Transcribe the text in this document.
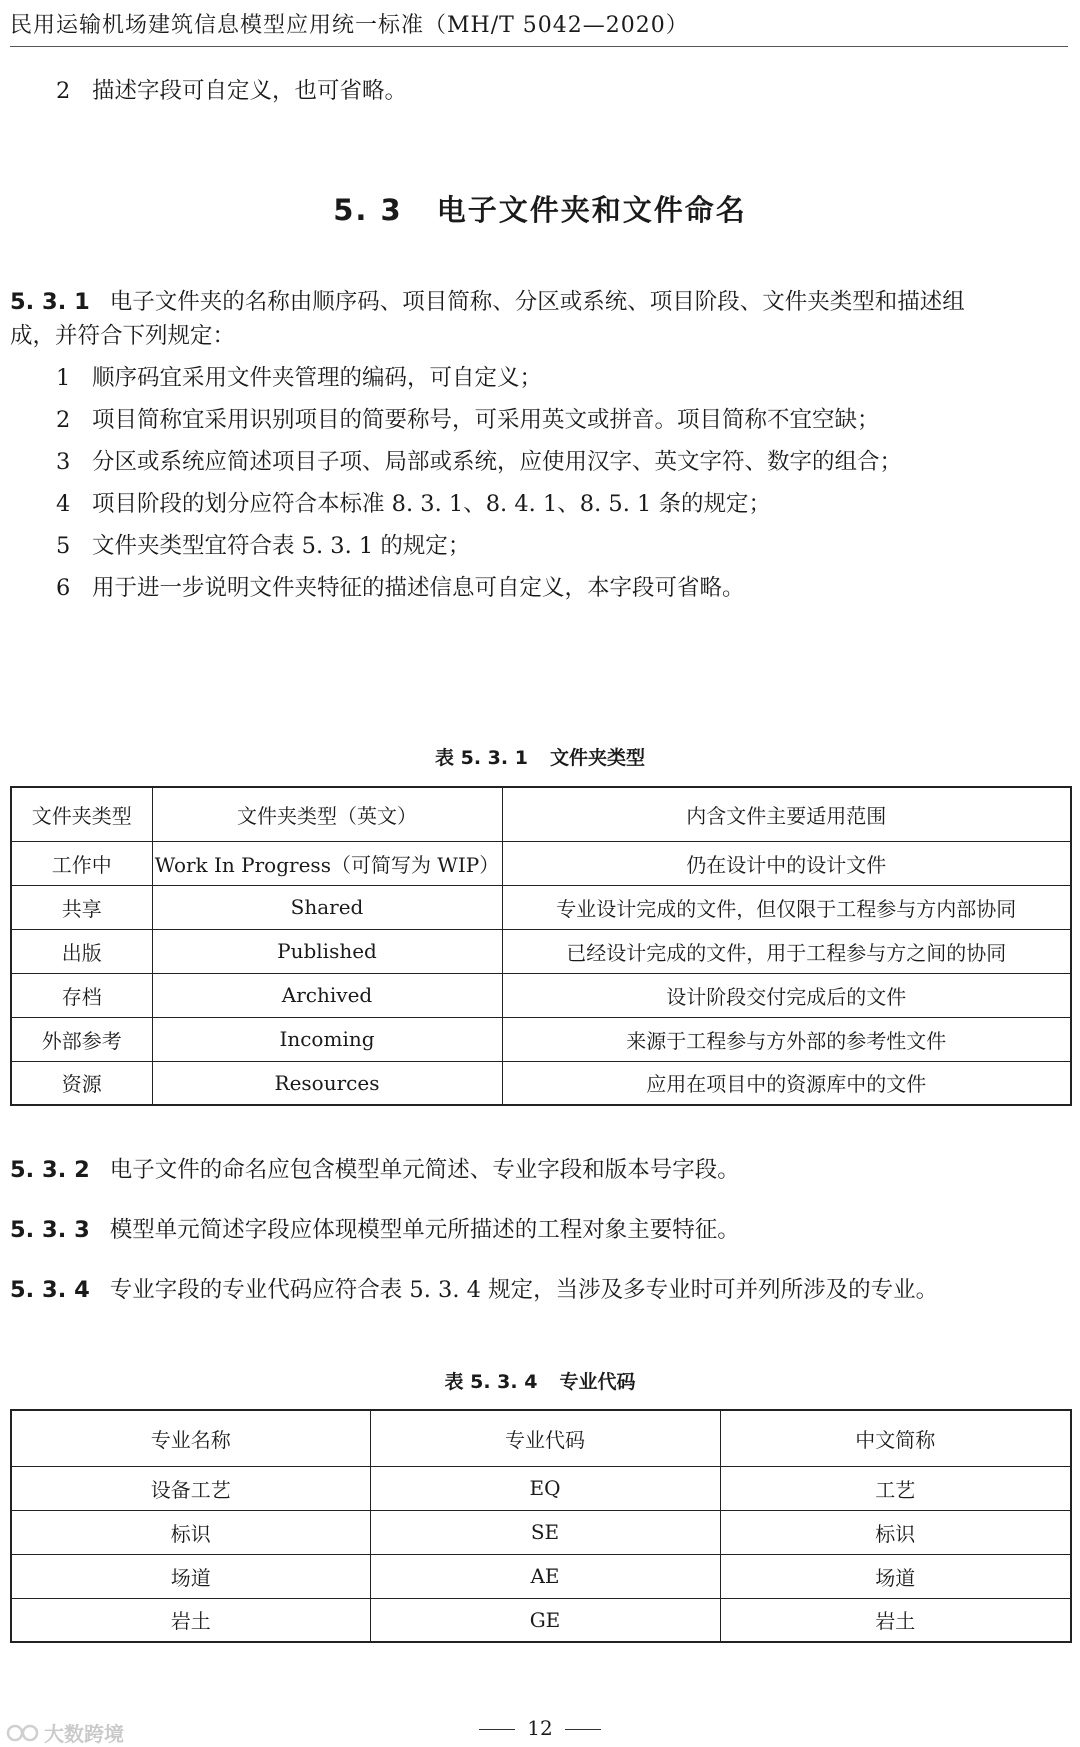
民用运输机场建筑信息模型应用统一标准（MH/T 5042—2020）
2 描述字段可自定义，也可省略。
5. 3 电子文件夹和文件命名
5. 3. 1 电子文件夹的名称由顺序码、项目简称、分区或系统、项目阶段、文件夹类型和描述组
成，并符合下列规定：
1 顺序码宜采用文件夹管理的编码，可自定义；
2 项目简称宜采用识别项目的简要称号，可采用英文或拼音。项目简称不宜空缺；
3 分区或系统应简述项目子项、局部或系统，应使用汉字、英文字符、数字的组合；
4 项目阶段的划分应符合本标准 8. 3. 1、8. 4. 1、8. 5. 1 条的规定；
5 文件夹类型宜符合表 5. 3. 1 的规定；
6 用于进一步说明文件夹特征的描述信息可自定义，本字段可省略。
表 5. 3. 1 文件夹类型
文件夹类型	文件夹类型（英文）	内含文件主要适用范围
工作中	Work In Progress（可简写为 WIP）	仍在设计中的设计文件
共享	Shared	专业设计完成的文件，但仅限于工程参与方内部协同
出版	Published	已经设计完成的文件，用于工程参与方之间的协同
存档	Archived	设计阶段交付完成后的文件
外部参考	Incoming	来源于工程参与方外部的参考性文件
资源	Resources	应用在项目中的资源库中的文件
5. 3. 2 电子文件的命名应包含模型单元简述、专业字段和版本号字段。
5. 3. 3 模型单元简述字段应体现模型单元所描述的工程对象主要特征。
5. 3. 4 专业字段的专业代码应符合表 5. 3. 4 规定，当涉及多专业时可并列所涉及的专业。
表 5. 3. 4 专业代码
专业名称	专业代码	中文简称
设备工艺	EQ	工艺
标识	SE	标识
场道	AE	场道
岩土	GE	岩土
12
大数跨境
